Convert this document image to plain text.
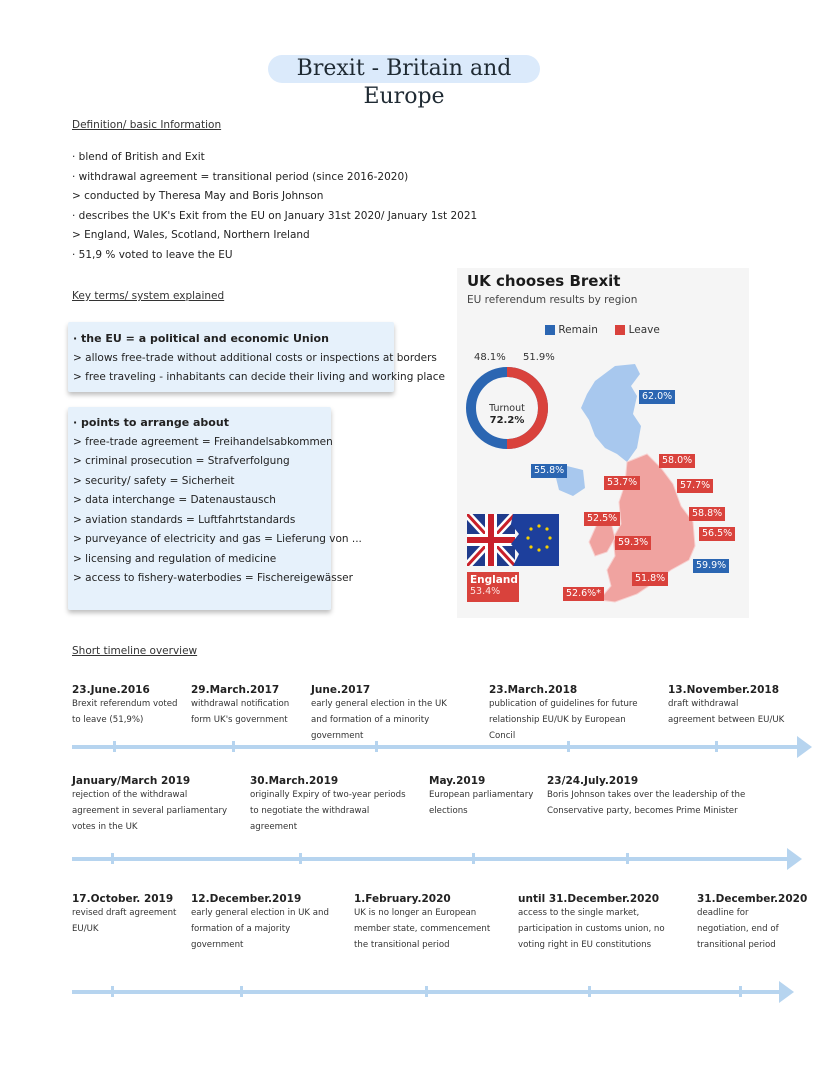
Brexit - Britain and Europe
Definition/ basic Information
· blend of British and Exit
· withdrawal agreement = transitional period (since 2016-2020)
> conducted by Theresa May and Boris Johnson
· describes the UK's Exit from the EU on January 31st 2020/ January 1st 2021
> England, Wales, Scotland, Northern Ireland
· 51,9 % voted to leave the EU
Key terms/ system explained
· the EU = a political and economic Union
> allows free-trade without additional costs or inspections at borders
> free traveling - inhabitants can decide their living and working place
· points to arrange about
> free-trade agreement = Freihandelsabkommen
> criminal prosecution = Strafverfolgung
> security/ safety = Sicherheit
> data interchange = Datenaustausch
> aviation standards = Luftfahrtstandards
> purveyance of electricity and gas = Lieferung von ...
> licensing and regulation of medicine
> access to fishery-waterbodies = Fischereigewässer
UK chooses Brexit
EU referendum results by region
Remain	Leave
48.1% 51.9%
Turnout
72.2%
62.0%
55.8%
58.0%
53.7%	57.7%
58.8%
52.5%
56.5%
59.3%
59.9%
51.8%
52.6%*
England
53.4%
Short timeline overview
23.June.2016
Brexit referendum voted to leave (51,9%)
29.March.2017
withdrawal notification form UK's government
June.2017
early general election in the UK and formation of a minority government
23.March.2018
publication of guidelines for future relationship EU/UK by European Concil
13.November.2018
draft withdrawal agreement between EU/UK
January/March 2019
rejection of the withdrawal agreement in several parliamentary votes in the UK
30.March.2019
originally Expiry of two-year periods to negotiate the withdrawal agreement
May.2019
European parliamentary elections
23/24.July.2019
Boris Johnson takes over the leadership of the Conservative party, becomes Prime Minister
17.October. 2019
revised draft agreement EU/UK
12.December.2019
early general election in UK and formation of a majority government
1.February.2020
UK is no longer an European member state, commencement the transitional period
until 31.December.2020
access to the single market, participation in customs union, no voting right in EU constitutions
31.December.2020
deadline for negotiation, end of transitional period
